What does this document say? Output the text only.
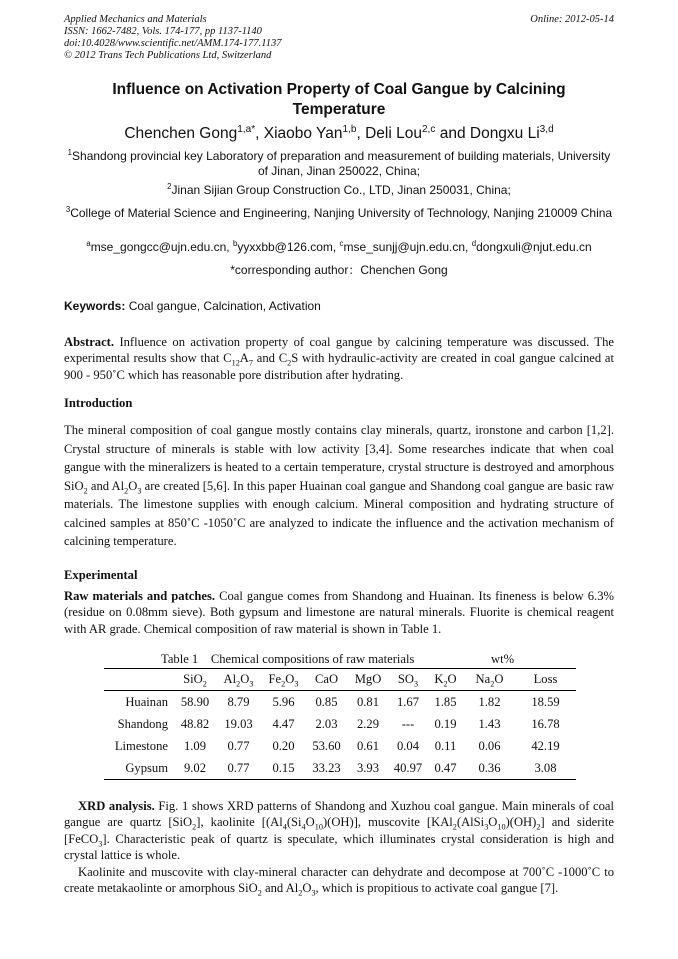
Applied Mechanics and Materials
ISSN: 1662-7482, Vols. 174-177, pp 1137-1140
doi:10.4028/www.scientific.net/AMM.174-177.1137
© 2012 Trans Tech Publications Ltd, Switzerland
Online: 2012-05-14
Influence on Activation Property of Coal Gangue by Calcining Temperature
Chenchen Gong$^{1,a*}$, Xiaobo Yan$^{1,b}$, Deli Lou$^{2,c}$ and Dongxu Li$^{3,d}$
$^1$Shandong provincial key Laboratory of preparation and measurement of building materials, University of Jinan, Jinan 250022, China;
$^2$Jinan Sijian Group Construction Co., LTD, Jinan 250031, China;
$^3$College of Material Science and Engineering, Nanjing University of Technology, Nanjing 210009 China
$^a$mse_gongcc@ujn.edu.cn, $^b$yyxxbb@126.com, $^c$mse_sunjj@ujn.edu.cn, $^d$dongxuli@njut.edu.cn
*corresponding author：Chenchen Gong
Keywords: Coal gangue, Calcination, Activation
Abstract. Influence on activation property of coal gangue by calcining temperature was discussed. The experimental results show that $C_{12}A_7$ and $C_2S$ with hydraulic-activity are created in coal gangue calcined at 900 - 950˚C which has reasonable pore distribution after hydrating.
Introduction
The mineral composition of coal gangue mostly contains clay minerals, quartz, ironstone and carbon [1,2]. Crystal structure of minerals is stable with low activity [3,4]. Some researches indicate that when coal gangue with the mineralizers is heated to a certain temperature, crystal structure is destroyed and amorphous SiO$_2$ and $Al_2O_3$ are created [5,6]. In this paper Huainan coal gangue and Shandong coal gangue are basic raw materials. The limestone supplies with enough calcium. Mineral composition and hydrating structure of calcined samples at 850˚C -1050˚C are analyzed to indicate the influence and the activation mechanism of calcining temperature.
Experimental
Raw materials and patches. Coal gangue comes from Shandong and Huainan. Its fineness is below 6.3% (residue on 0.08mm sieve). Both gypsum and limestone are natural minerals. Fluorite is chemical reagent with AR grade. Chemical composition of raw material is shown in Table 1.
Table 1    Chemical compositions of raw materials	wt%
	SiO$_2$	$Al_2O_3$	$Fe_2O_3$	CaO	MgO	$SO_3$	$K_2O$	$Na_2O$	Loss
Huainan	58.90	8.79	5.96	0.85	0.81	1.67	1.85	1.82	18.59
Shandong	48.82	19.03	4.47	2.03	2.29	---	0.19	1.43	16.78
Limestone	1.09	0.77	0.20	53.60	0.61	0.04	0.11	0.06	42.19
Gypsum	9.02	0.77	0.15	33.23	3.93	40.97	0.47	0.36	3.08
XRD analysis. Fig. 1 shows XRD patterns of Shandong and Xuzhou coal gangue. Main minerals of coal gangue are quartz [SiO$_2$], kaolinite [$(Al_4(Si_4O_{10})(OH)]$, muscovite $[KAl_2(AlSi_3O_{10})(OH)_2]$ and siderite [FeCO$_3$]. Characteristic peak of quartz is speculate, which illuminates crystal consideration is high and crystal lattice is whole.
Kaolinite and muscovite with clay-mineral character can dehydrate and decompose at 700˚C -1000˚C to create metakaolinte or amorphous SiO$_2$ and $Al_2O_3$, which is propitious to activate coal gangue [7].
